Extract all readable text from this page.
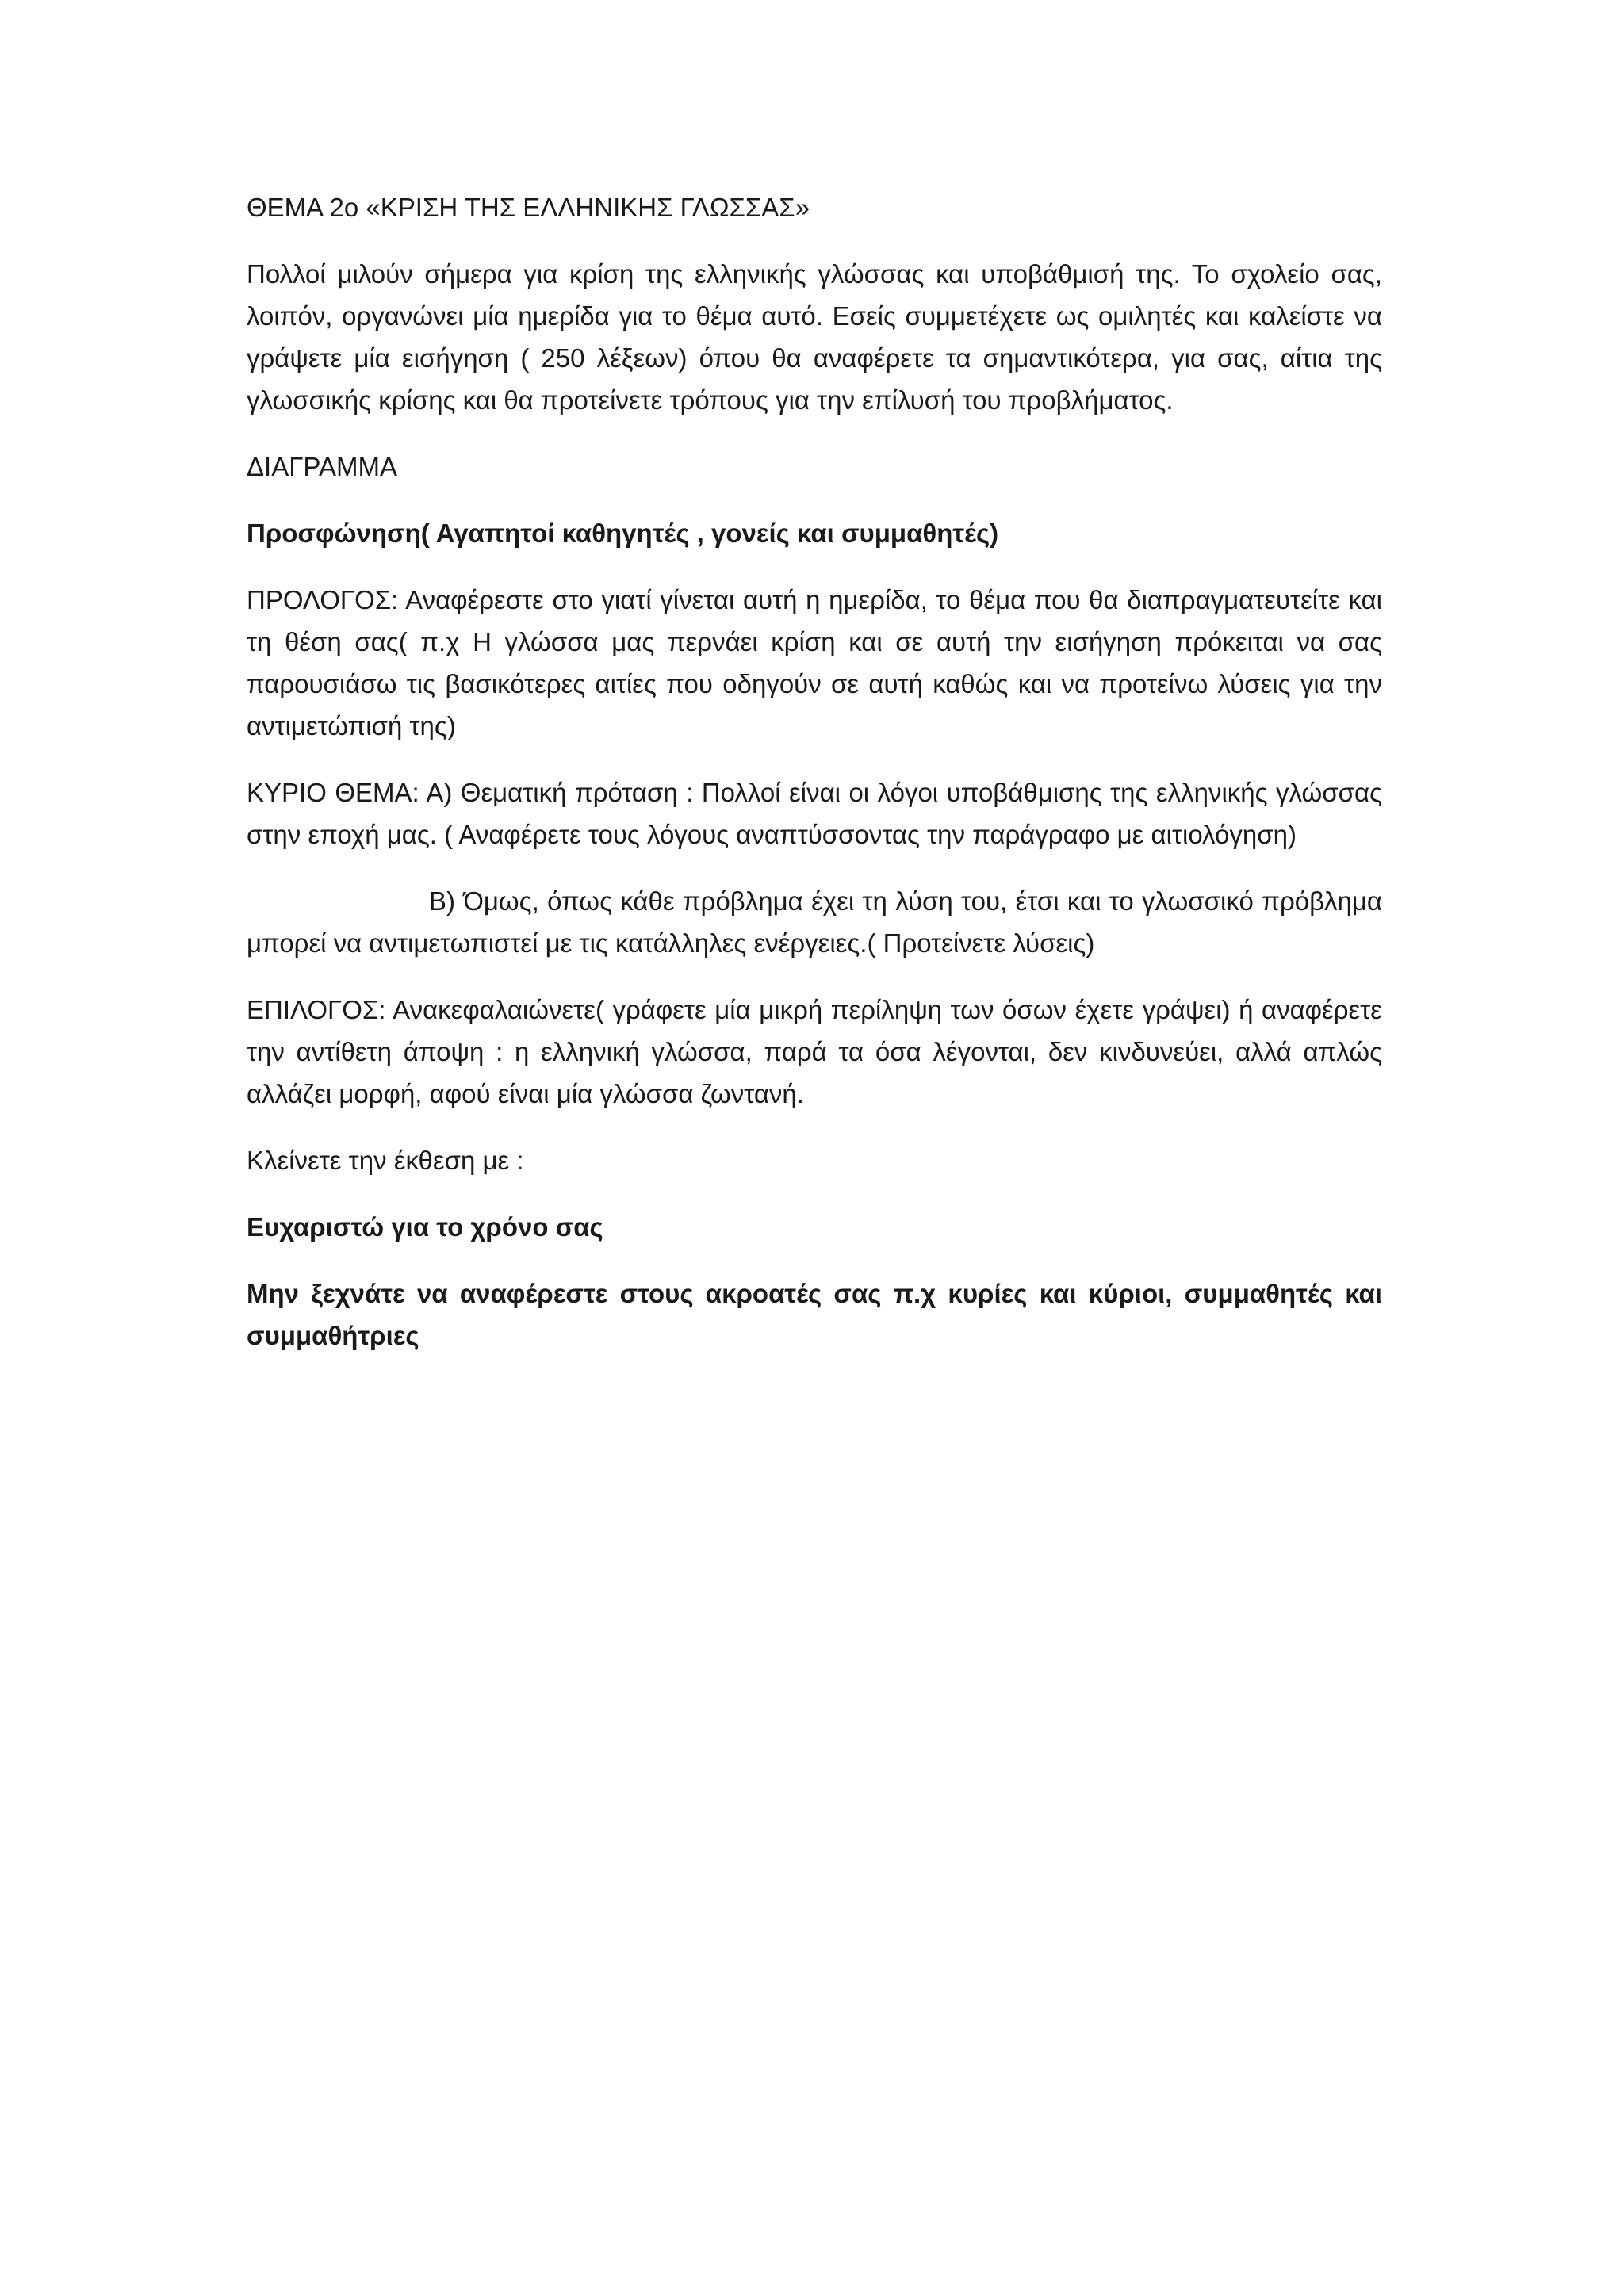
ΘΕΜΑ 2ο «ΚΡΙΣΗ ΤΗΣ ΕΛΛΗΝΙΚΗΣ ΓΛΩΣΣΑΣ»

Πολλοί μιλούν σήμερα για κρίση της ελληνικής γλώσσας και υποβάθμισή της. Το σχολείο σας, λοιπόν, οργανώνει μία ημερίδα για το θέμα αυτό. Εσείς συμμετέχετε ως ομιλητές και καλείστε να γράψετε μία εισήγηση ( 250 λέξεων) όπου θα αναφέρετε τα σημαντικότερα, για σας, αίτια της γλωσσικής κρίσης και θα προτείνετε τρόπους για την επίλυσή του προβλήματος.

ΔΙΑΓΡΑΜΜΑ

Προσφώνηση( Αγαπητοί καθηγητές , γονείς και συμμαθητές)

ΠΡΟΛΟΓΟΣ: Αναφέρεστε στο γιατί γίνεται αυτή η ημερίδα, το θέμα που θα διαπραγματευτείτε και τη θέση σας( π.χ Η γλώσσα μας περνάει κρίση και σε αυτή την εισήγηση πρόκειται να σας παρουσιάσω τις βασικότερες αιτίες που οδηγούν σε αυτή καθώς και να προτείνω λύσεις για την αντιμετώπισή της)

ΚΥΡΙΟ ΘΕΜΑ: Α) Θεματική πρόταση : Πολλοί είναι οι λόγοι υποβάθμισης της ελληνικής γλώσσας στην εποχή μας. ( Αναφέρετε τους λόγους αναπτύσσοντας την παράγραφο με αιτιολόγηση)

Β) Όμως, όπως κάθε πρόβλημα έχει τη λύση του, έτσι και το γλωσσικό πρόβλημα μπορεί να αντιμετωπιστεί με τις κατάλληλες ενέργειες.( Προτείνετε λύσεις)

ΕΠΙΛΟΓΟΣ: Ανακεφαλαιώνετε( γράφετε μία μικρή περίληψη των όσων έχετε γράψει) ή αναφέρετε την αντίθετη άποψη : η ελληνική γλώσσα, παρά τα όσα λέγονται, δεν κινδυνεύει, αλλά απλώς αλλάζει μορφή, αφού είναι μία γλώσσα ζωντανή.

Κλείνετε την έκθεση με :

Ευχαριστώ για το χρόνο σας

Μην ξεχνάτε να αναφέρεστε στους ακροατές σας π.χ κυρίες και κύριοι, συμμαθητές και συμμαθήτριες
